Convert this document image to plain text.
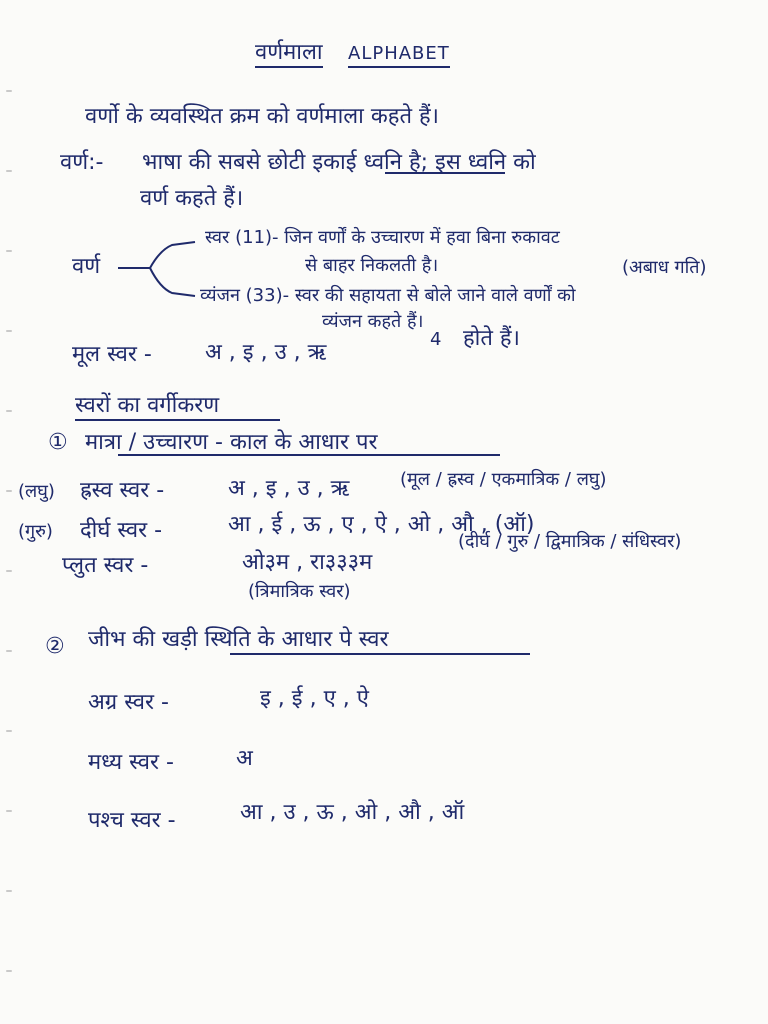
वर्णमाला ALPHABET
वर्णो के व्यवस्थित क्रम को वर्णमाला कहते हैं।
वर्ण:- भाषा की सबसे छोटी इकाई ध्वनि है; इस ध्वनि को
वर्ण कहते हैं।
वर्ण
स्वर (11)- जिन वर्णों के उच्चारण में हवा बिना रुकावट
से बाहर निकलती है।	(अबाध गति)
व्यंजन (33)- स्वर की सहायता से बोले जाने वाले वर्णों को
व्यंजन कहते हैं।
4 होते हैं।
मूल स्वर - अ , इ , उ , ऋ
स्वरों का वर्गीकरण
① मात्रा / उच्चारण - काल के आधार पर
(लघु) ह्रस्व स्वर -	अ , इ , उ , ऋ	(मूल / ह्रस्व / एकमात्रिक / लघु)
(गुरु) दीर्घ स्वर -	आ , ई , ऊ , ए , ऐ , ओ , औ , (ऑ)
(दीर्घ / गुरु / द्विमात्रिक / संधिस्वर)
प्लुत स्वर -	ओ३म , रा३३३म
(त्रिमात्रिक स्वर)
② जीभ की खड़ी स्थिति के आधार पे स्वर
अग्र स्वर -	इ , ई , ए , ऐ
मध्य स्वर -	अ
पश्च स्वर -	आ , उ , ऊ , ओ , औ , ऑ
